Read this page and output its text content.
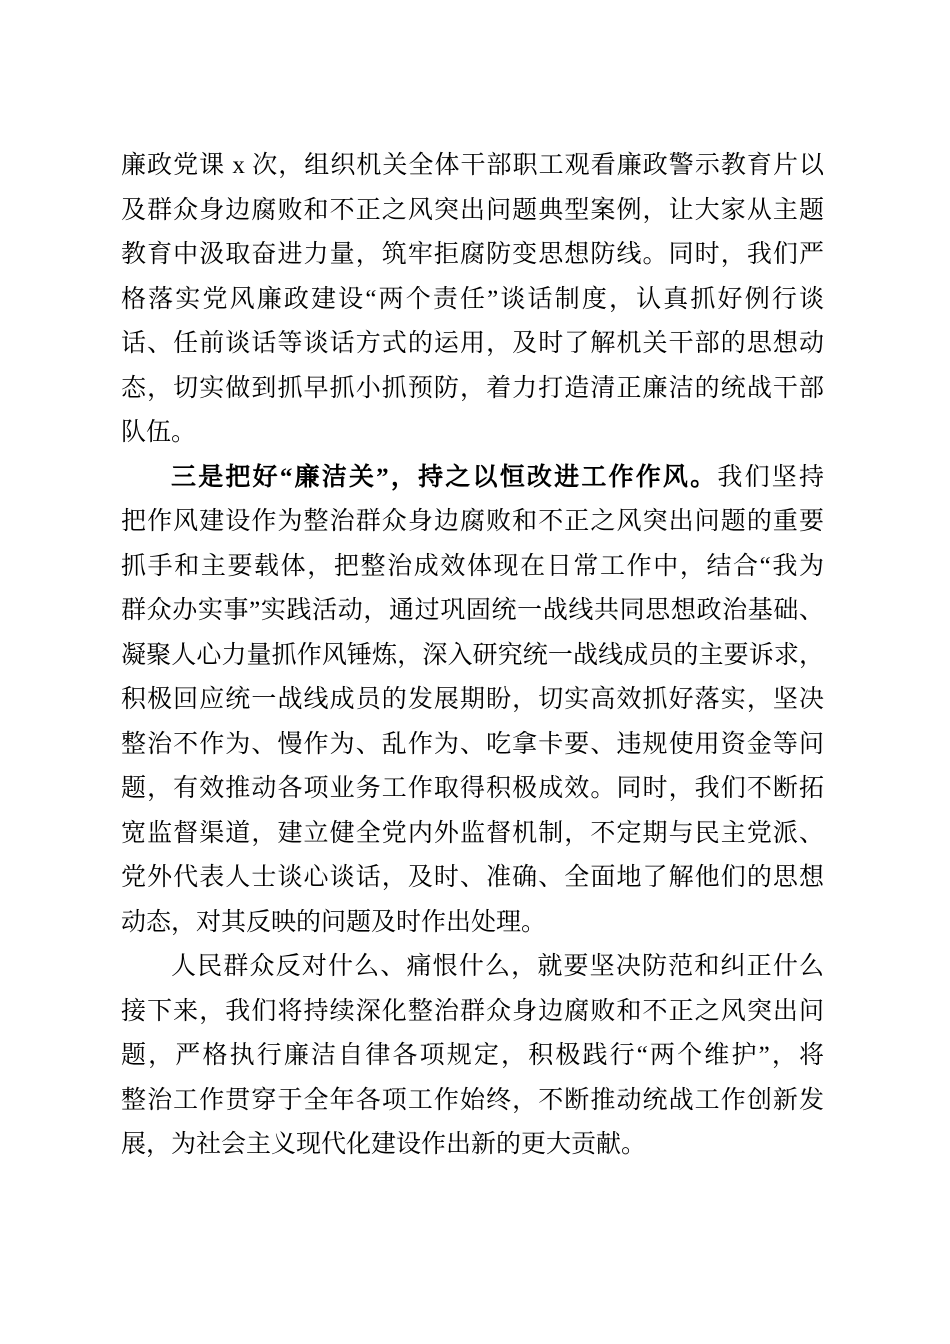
廉政党课 x 次，组织机关全体干部职工观看廉政警示教育片以
及群众身边腐败和不正之风突出问题典型案例，让大家从主题
教育中汲取奋进力量，筑牢拒腐防变思想防线。同时，我们严
格落实党风廉政建设“两个责任”谈话制度，认真抓好例行谈
话、任前谈话等谈话方式的运用，及时了解机关干部的思想动
态，切实做到抓早抓小抓预防，着力打造清正廉洁的统战干部
队伍。
三是把好“廉洁关”，持之以恒改进工作作风。我们坚持
把作风建设作为整治群众身边腐败和不正之风突出问题的重要
抓手和主要载体，把整治成效体现在日常工作中，结合“我为
群众办实事”实践活动，通过巩固统一战线共同思想政治基础、
凝聚人心力量抓作风锤炼，深入研究统一战线成员的主要诉求，
积极回应统一战线成员的发展期盼，切实高效抓好落实，坚决
整治不作为、慢作为、乱作为、吃拿卡要、违规使用资金等问
题，有效推动各项业务工作取得积极成效。同时，我们不断拓
宽监督渠道，建立健全党内外监督机制，不定期与民主党派、
党外代表人士谈心谈话，及时、准确、全面地了解他们的思想
动态，对其反映的问题及时作出处理。
人民群众反对什么、痛恨什么，就要坚决防范和纠正什么
接下来，我们将持续深化整治群众身边腐败和不正之风突出问
题，严格执行廉洁自律各项规定，积极践行“两个维护”，将
整治工作贯穿于全年各项工作始终，不断推动统战工作创新发
展，为社会主义现代化建设作出新的更大贡献。
